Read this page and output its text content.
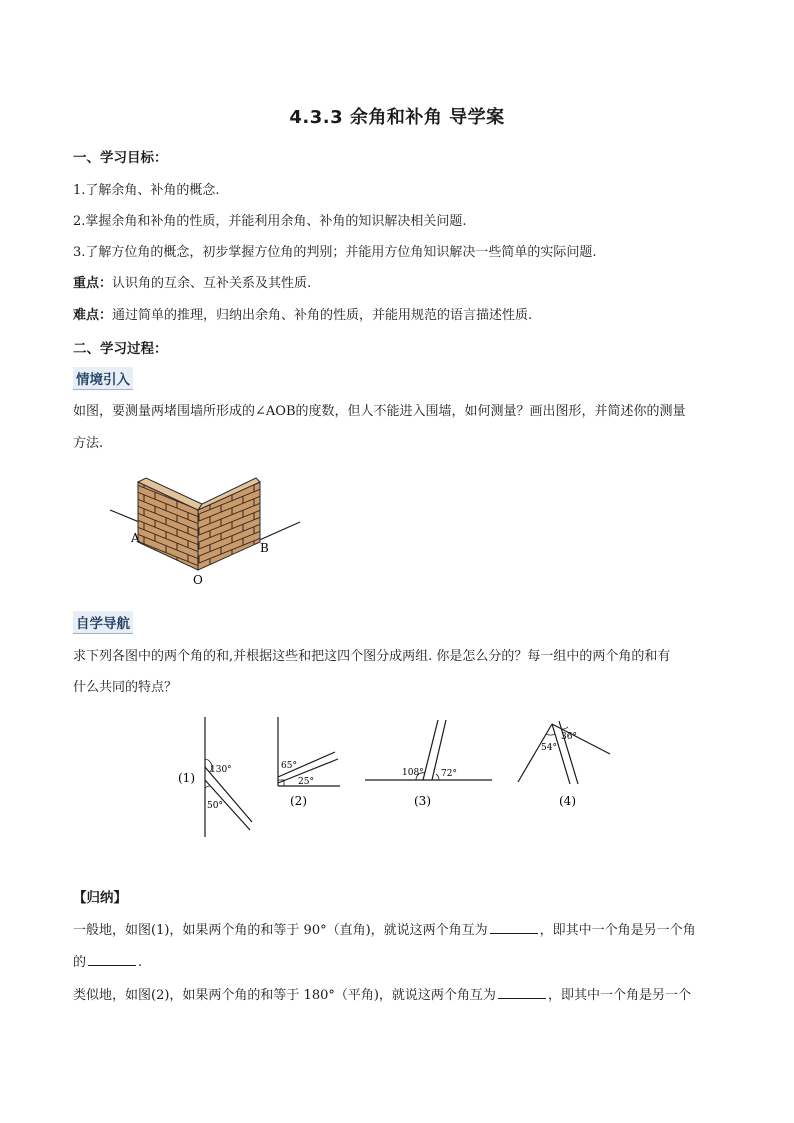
4.3.3 余角和补角 导学案
一、学习目标：
1.了解余角、补角的概念.
2.掌握余角和补角的性质，并能利用余角、补角的知识解决相关问题.
3.了解方位角的概念，初步掌握方位角的判别；并能用方位角知识解决一些简单的实际问题.
重点：认识角的互余、互补关系及其性质.
难点：通过简单的推理，归纳出余角、补角的性质，并能用规范的语言描述性质.
二、学习过程：
情境引入
如图，要测量两堵围墙所形成的∠AOB的度数，但人不能进入围墙，如何测量？画出图形，并简述你的测量
方法.
A
B
O
自学导航
求下列各图中的两个角的和,并根据这些和把这四个图分成两组. 你是怎么分的？每一组中的两个角的和有
什么共同的特点？
130°
50°
(1)
65°
25°
(2)
108° 72°
(3)
54°
36°
(4)
【归纳】
一般地，如图(1)，如果两个角的和等于 90°（直角)，就说这两个角互为	，即其中一个角是另一个角
的	.
类似地，如图(2)，如果两个角的和等于 180°（平角)，就说这两个角互为	，即其中一个角是另一个
